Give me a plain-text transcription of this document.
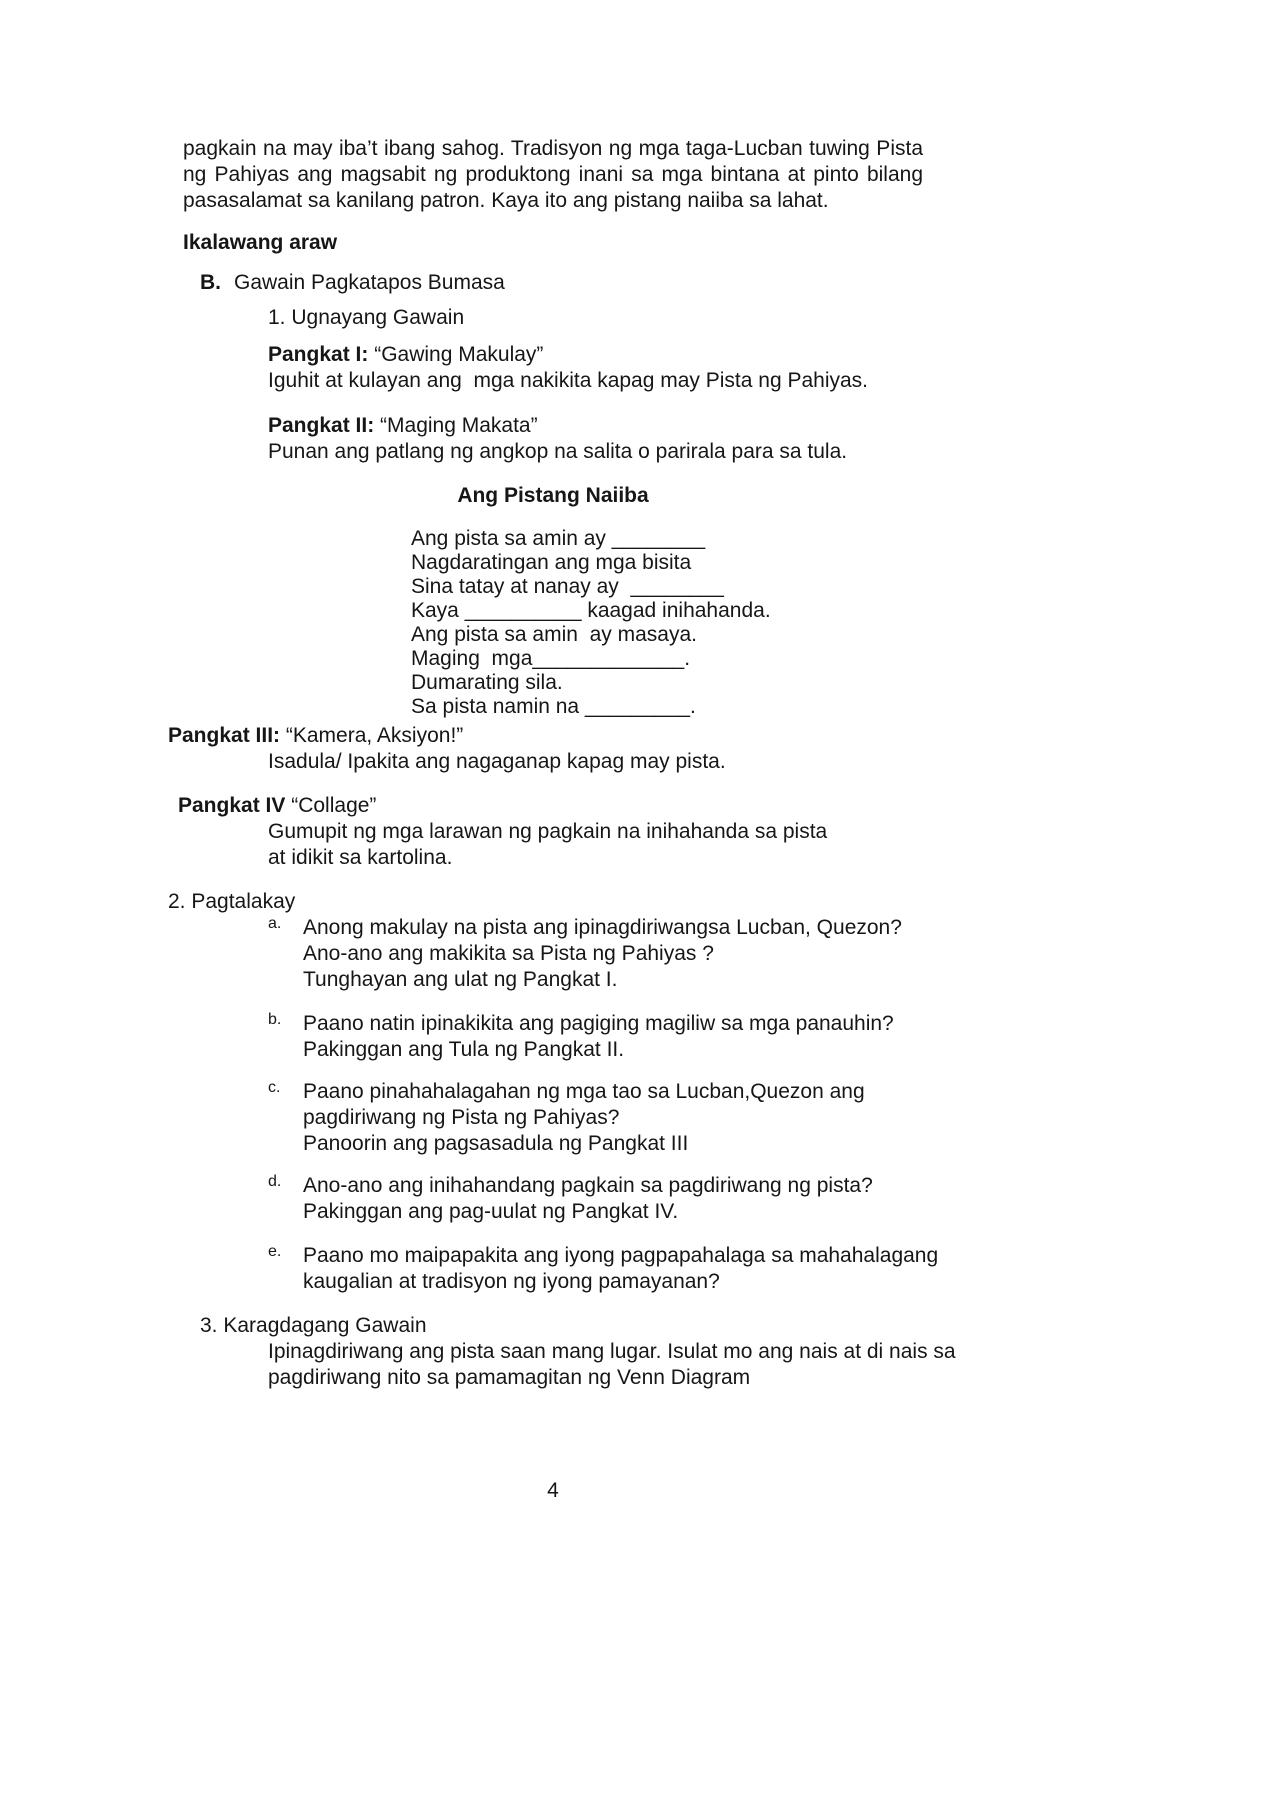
pagkain na may iba’t ibang sahog. Tradisyon ng mga taga-Lucban tuwing Pista ng Pahiyas ang magsabit ng produktong inani sa mga bintana at pinto bilang pasasalamat sa kanilang patron. Kaya ito ang pistang naiiba sa lahat.

Ikalawang araw

B. Gawain Pagkatapos Bumasa

1. Ugnayang Gawain

Pangkat I: “Gawing Makulay”

Iguhit at kulayan ang  mga nakikita kapag may Pista ng Pahiyas.

Pangkat II: “Maging Makata”

Punan ang patlang ng angkop na salita o parirala para sa tula.

Ang Pistang Naiiba

Ang pista sa amin ay ________

Nagdaratingan ang mga bisita

Sina tatay at nanay ay  ________

Kaya __________ kaagad inihahanda.

Ang pista sa amin  ay masaya.

Maging  mga_____________.

Dumarating sila.

Sa pista namin na _________.

Pangkat III: “Kamera, Aksiyon!”

Isadula/ Ipakita ang nagaganap kapag may pista.

Pangkat IV “Collage”

Gumupit ng mga larawan ng pagkain na inihahanda sa pista

at idikit sa kartolina.

2. Pagtalakay

a.	Anong makulay na pista ang ipinagdiriwangsa Lucban, Quezon?

Ano-ano ang makikita sa Pista ng Pahiyas ?

Tunghayan ang ulat ng Pangkat I.

b.	Paano natin ipinakikita ang pagiging magiliw sa mga panauhin?

Pakinggan ang Tula ng Pangkat II.

c.	Paano pinahahalagahan ng mga tao sa Lucban,Quezon ang

pagdiriwang ng Pista ng Pahiyas?

Panoorin ang pagsasadula ng Pangkat III

d.	Ano-ano ang inihahandang pagkain sa pagdiriwang ng pista?

Pakinggan ang pag-uulat ng Pangkat IV.

e.	Paano mo maipapakita ang iyong pagpapahalaga sa mahahalagang

kaugalian at tradisyon ng iyong pamayanan?

3. Karagdagang Gawain

Ipinagdiriwang ang pista saan mang lugar. Isulat mo ang nais at di nais sa

pagdiriwang nito sa pamamagitan ng Venn Diagram

4
